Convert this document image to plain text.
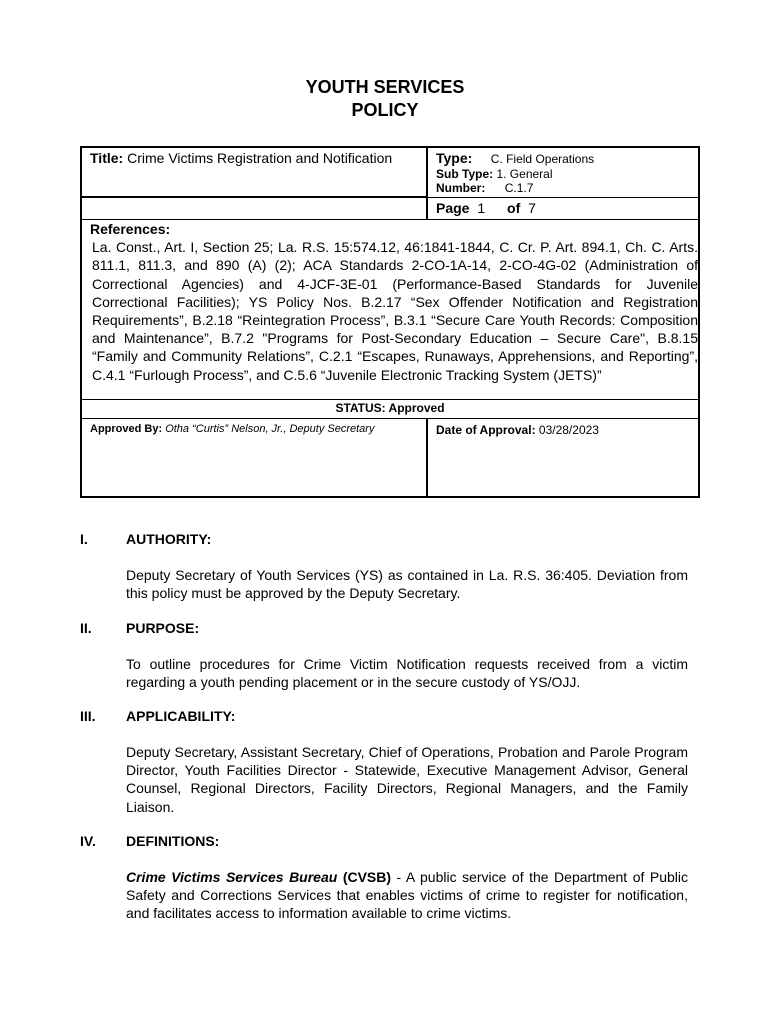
YOUTH SERVICES
POLICY
Title: Crime Victims Registration and Notification	Type: C. Field Operations
Sub Type: 1. General
Number: C.1.7
Page 1 of 7
References:
La. Const., Art. I, Section 25; La. R.S. 15:574.12, 46:1841-1844, C. Cr. P. Art. 894.1, Ch. C. Arts. 811.1, 811.3, and 890 (A) (2); ACA Standards 2-CO-1A-14, 2-CO-4G-02 (Administration of Correctional Agencies) and 4-JCF-3E-01 (Performance-Based Standards for Juvenile Correctional Facilities); YS Policy Nos. B.2.17 “Sex Offender Notification and Registration Requirements”, B.2.18 “Reintegration Process”, B.3.1 “Secure Care Youth Records: Composition and Maintenance”, B.7.2 "Programs for Post-Secondary Education – Secure Care", B.8.15 “Family and Community Relations”, C.2.1 “Escapes, Runaways, Apprehensions, and Reporting”, C.4.1 “Furlough Process”, and C.5.6 “Juvenile Electronic Tracking System (JETS)”
STATUS: Approved
Approved By: Otha “Curtis” Nelson, Jr., Deputy Secretary	Date of Approval: 03/28/2023
I.	AUTHORITY:
Deputy Secretary of Youth Services (YS) as contained in La. R.S. 36:405. Deviation from this policy must be approved by the Deputy Secretary.
II. PURPOSE:
To outline procedures for Crime Victim Notification requests received from a victim regarding a youth pending placement or in the secure custody of YS/OJJ.
III. APPLICABILITY:
Deputy Secretary, Assistant Secretary, Chief of Operations, Probation and Parole Program Director, Youth Facilities Director - Statewide, Executive Management Advisor, General Counsel, Regional Directors, Facility Directors, Regional Managers, and the Family Liaison.
IV. DEFINITIONS:
Crime Victims Services Bureau (CVSB) - A public service of the Department of Public Safety and Corrections Services that enables victims of crime to register for notification, and facilitates access to information available to crime victims.
